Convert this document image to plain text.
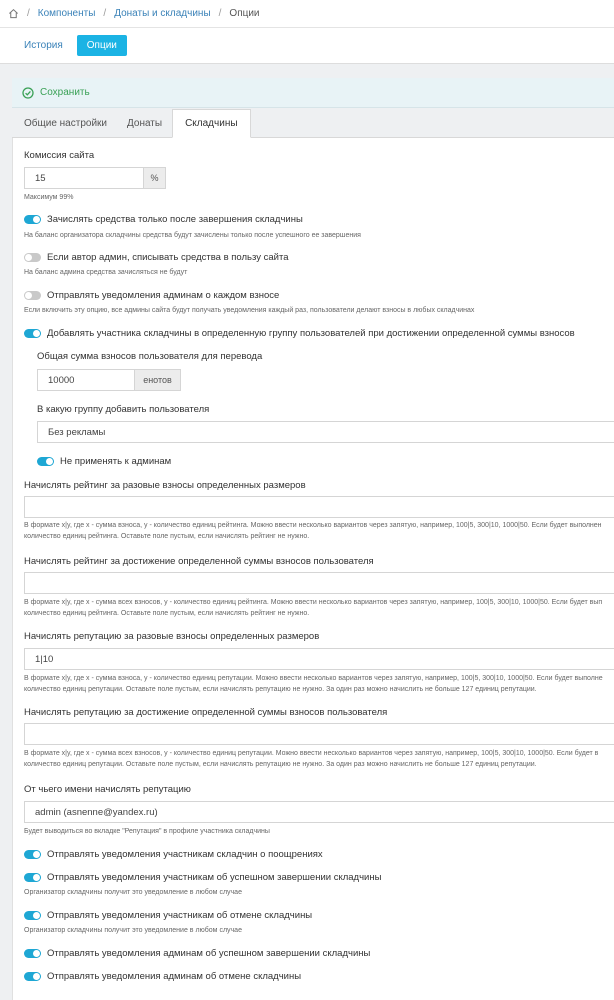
/ Компоненты / Донаты и складчины / Опции
История	Опции
Сохранить
Общие настройки	Донаты	Складчины
Комиссия сайта
15	%
Максимум 99%
Зачислять средства только после завершения складчины
На баланс организатора складчины средства будут зачислены только после успешного ее завершения
Если автор админ, списывать средства в пользу сайта
На баланс админа средства зачисляться не будут
Отправлять уведомления админам о каждом взносе
Если включить эту опцию, все админы сайта будут получать уведомления каждый раз, пользователи делают взносы в любых складчинах
Добавлять участника складчины в определенную группу пользователей при достижении определенной суммы взносов
Общая сумма взносов пользователя для перевода
10000	енотов
В какую группу добавить пользователя
Без рекламы
Не применять к админам
Начислять рейтинг за разовые взносы определенных размеров
В формате x|y, где x - сумма взноса, y - количество единиц рейтинга. Можно ввести несколько вариантов через запятую, например, 100|5, 300|10, 1000|50. Если будет выполнен
количество единиц рейтинга. Оставьте поле пустым, если начислять рейтинг не нужно.
Начислять рейтинг за достижение определенной суммы взносов пользователя
В формате x|y, где x - сумма всех взносов, y - количество единиц рейтинга. Можно ввести несколько вариантов через запятую, например, 100|5, 300|10, 1000|50. Если будет вып
количество единиц рейтинга. Оставьте поле пустым, если начислять рейтинг не нужно.
Начислять репутацию за разовые взносы определенных размеров
1|10
В формате x|y, где x - сумма взноса, y - количество единиц репутации. Можно ввести несколько вариантов через запятую, например, 100|5, 300|10, 1000|50. Если будет выполне
количество единиц репутации. Оставьте поле пустым, если начислять репутацию не нужно. За один раз можно начислить не больше 127 единиц репутации.
Начислять репутацию за достижение определенной суммы взносов пользователя
В формате x|y, где x - сумма всех взносов, y - количество единиц репутации. Можно ввести несколько вариантов через запятую, например, 100|5, 300|10, 1000|50. Если будет в
количество единиц репутации. Оставьте поле пустым, если начислять репутацию не нужно. За один раз можно начислить не больше 127 единиц репутации.
От чьего имени начислять репутацию
admin (asnenne@yandex.ru)
Будет выводиться во вкладке "Репутация" в профиле участника складчины
Отправлять уведомления участникам складчин о поощрениях
Отправлять уведомления участникам об успешном завершении складчины
Организатор складчины получит это уведомление в любом случае
Отправлять уведомления участникам об отмене складчины
Организатор складчины получит это уведомление в любом случае
Отправлять уведомления админам об успешном завершении складчины
Отправлять уведомления админам об отмене складчины
